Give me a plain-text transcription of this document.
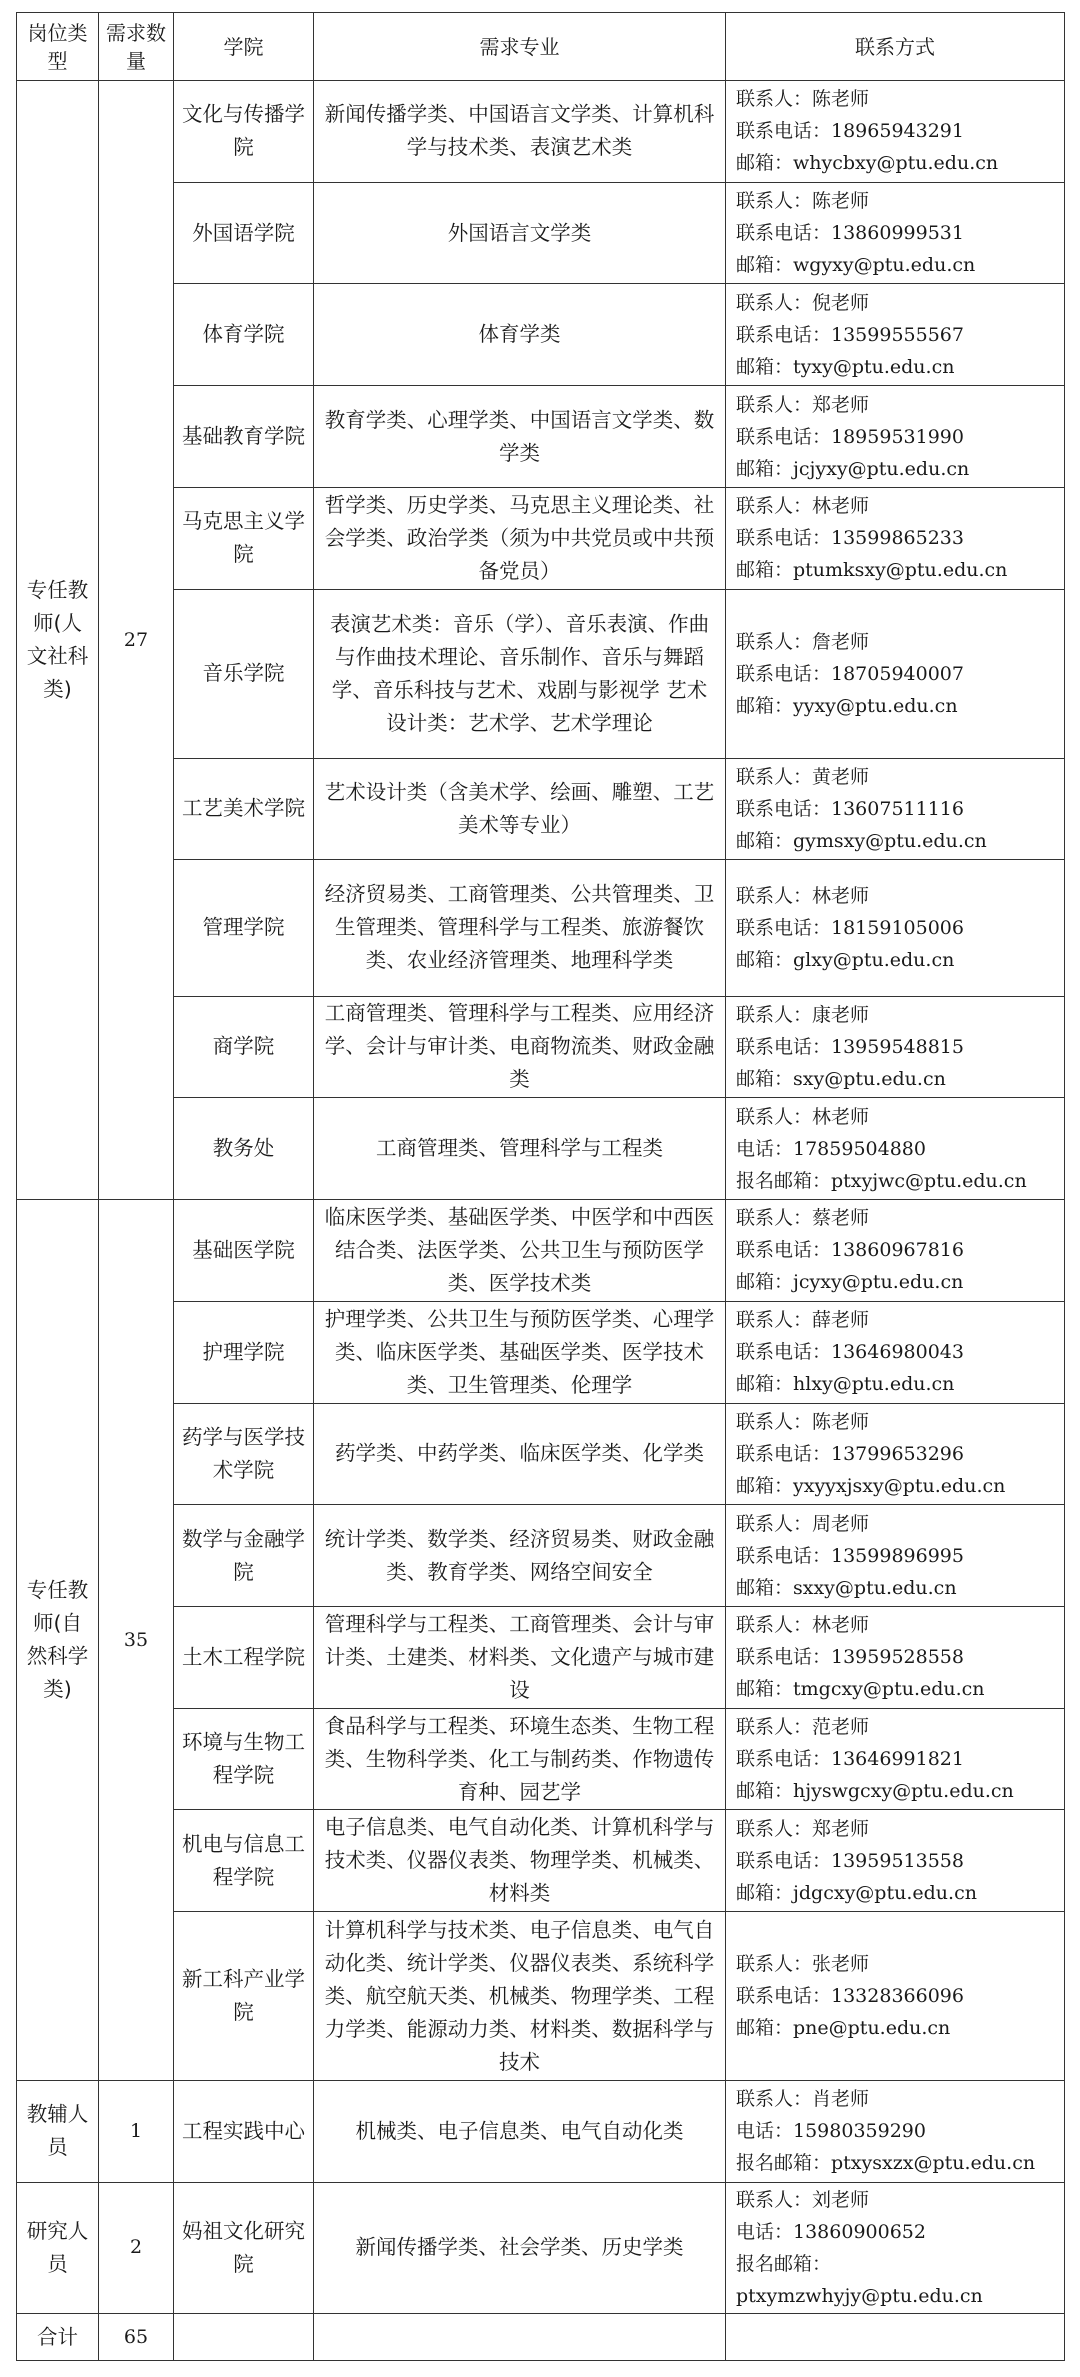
岗位类型	需求数量	学院	需求专业	联系方式
专任教师(人文社科类)	27	文化与传播学院	新闻传播学类、中国语言文学类、计算机科学与技术类、表演艺术类	联系人：陈老师
联系电话：18965943291
邮箱：whycbxy@ptu.edu.cn

		外国语学院	外国语言文学类	联系人：陈老师
联系电话：13860999531
邮箱：wgyxy@ptu.edu.cn

		体育学院	体育学类	联系人：倪老师
联系电话：13599555567
邮箱：tyxy@ptu.edu.cn

		基础教育学院	教育学类、心理学类、中国语言文学类、数学类	联系人：郑老师
联系电话：18959531990
邮箱：jcjyxy@ptu.edu.cn

		马克思主义学院	哲学类、历史学类、马克思主义理论类、社会学类、政治学类（须为中共党员或中共预备党员）	联系人：林老师
联系电话：13599865233
邮箱：ptumksxy@ptu.edu.cn

		音乐学院	表演艺术类：音乐（学）、音乐表演、作曲与作曲技术理论、音乐制作、音乐与舞蹈学、音乐科技与艺术、戏剧与影视学 艺术设计类：艺术学、艺术学理论	联系人：詹老师
联系电话：18705940007
邮箱：yyxy@ptu.edu.cn

		工艺美术学院	艺术设计类（含美术学、绘画、雕塑、工艺美术等专业）	联系人：黄老师
联系电话：13607511116
邮箱：gymsxy@ptu.edu.cn

		管理学院	经济贸易类、工商管理类、公共管理类、卫生管理类、管理科学与工程类、旅游餐饮类、农业经济管理类、地理科学类	联系人：林老师
联系电话：18159105006
邮箱：glxy@ptu.edu.cn

		商学院	工商管理类、管理科学与工程类、应用经济学、会计与审计类、电商物流类、财政金融类	联系人：康老师
联系电话：13959548815
邮箱：sxy@ptu.edu.cn

		教务处	工商管理类、管理科学与工程类	联系人：林老师
电话：17859504880
报名邮箱：ptxyjwc@ptu.edu.cn

专任教师(自然科学类)	35	基础医学院	临床医学类、基础医学类、中医学和中西医结合类、法医学类、公共卫生与预防医学类、医学技术类	联系人：蔡老师
联系电话：13860967816
邮箱：jcyxy@ptu.edu.cn

		护理学院	护理学类、公共卫生与预防医学类、心理学类、临床医学类、基础医学类、医学技术类、卫生管理类、伦理学	联系人：薛老师
联系电话：13646980043
邮箱：hlxy@ptu.edu.cn

		药学与医学技术学院	药学类、中药学类、临床医学类、化学类	联系人：陈老师
联系电话：13799653296
邮箱：yxyyxjsxy@ptu.edu.cn

		数学与金融学院	统计学类、数学类、经济贸易类、财政金融类、教育学类、网络空间安全	联系人：周老师
联系电话：13599896995
邮箱：sxxy@ptu.edu.cn

		土木工程学院	管理科学与工程类、工商管理类、会计与审计类、土建类、材料类、文化遗产与城市建设	联系人：林老师
联系电话：13959528558
邮箱：tmgcxy@ptu.edu.cn

		环境与生物工程学院	食品科学与工程类、环境生态类、生物工程类、生物科学类、化工与制药类、作物遗传育种、园艺学	联系人：范老师
联系电话：13646991821
邮箱：hjyswgcxy@ptu.edu.cn

		机电与信息工程学院	电子信息类、电气自动化类、计算机科学与技术类、仪器仪表类、物理学类、机械类、材料类	联系人：郑老师
联系电话：13959513558
邮箱：jdgcxy@ptu.edu.cn

		新工科产业学院	计算机科学与技术类、电子信息类、电气自动化类、统计学类、仪器仪表类、系统科学类、航空航天类、机械类、物理学类、工程力学类、能源动力类、材料类、数据科学与技术	联系人：张老师
联系电话：13328366096
邮箱：pne@ptu.edu.cn

教辅人员	1	工程实践中心	机械类、电子信息类、电气自动化类	联系人：肖老师
电话：15980359290
报名邮箱：ptxysxzx@ptu.edu.cn

研究人员	2	妈祖文化研究院	新闻传播学类、社会学类、历史学类	联系人：刘老师
电话：13860900652
报名邮箱：
ptxymzwhyjy@ptu.edu.cn

合计	65			
